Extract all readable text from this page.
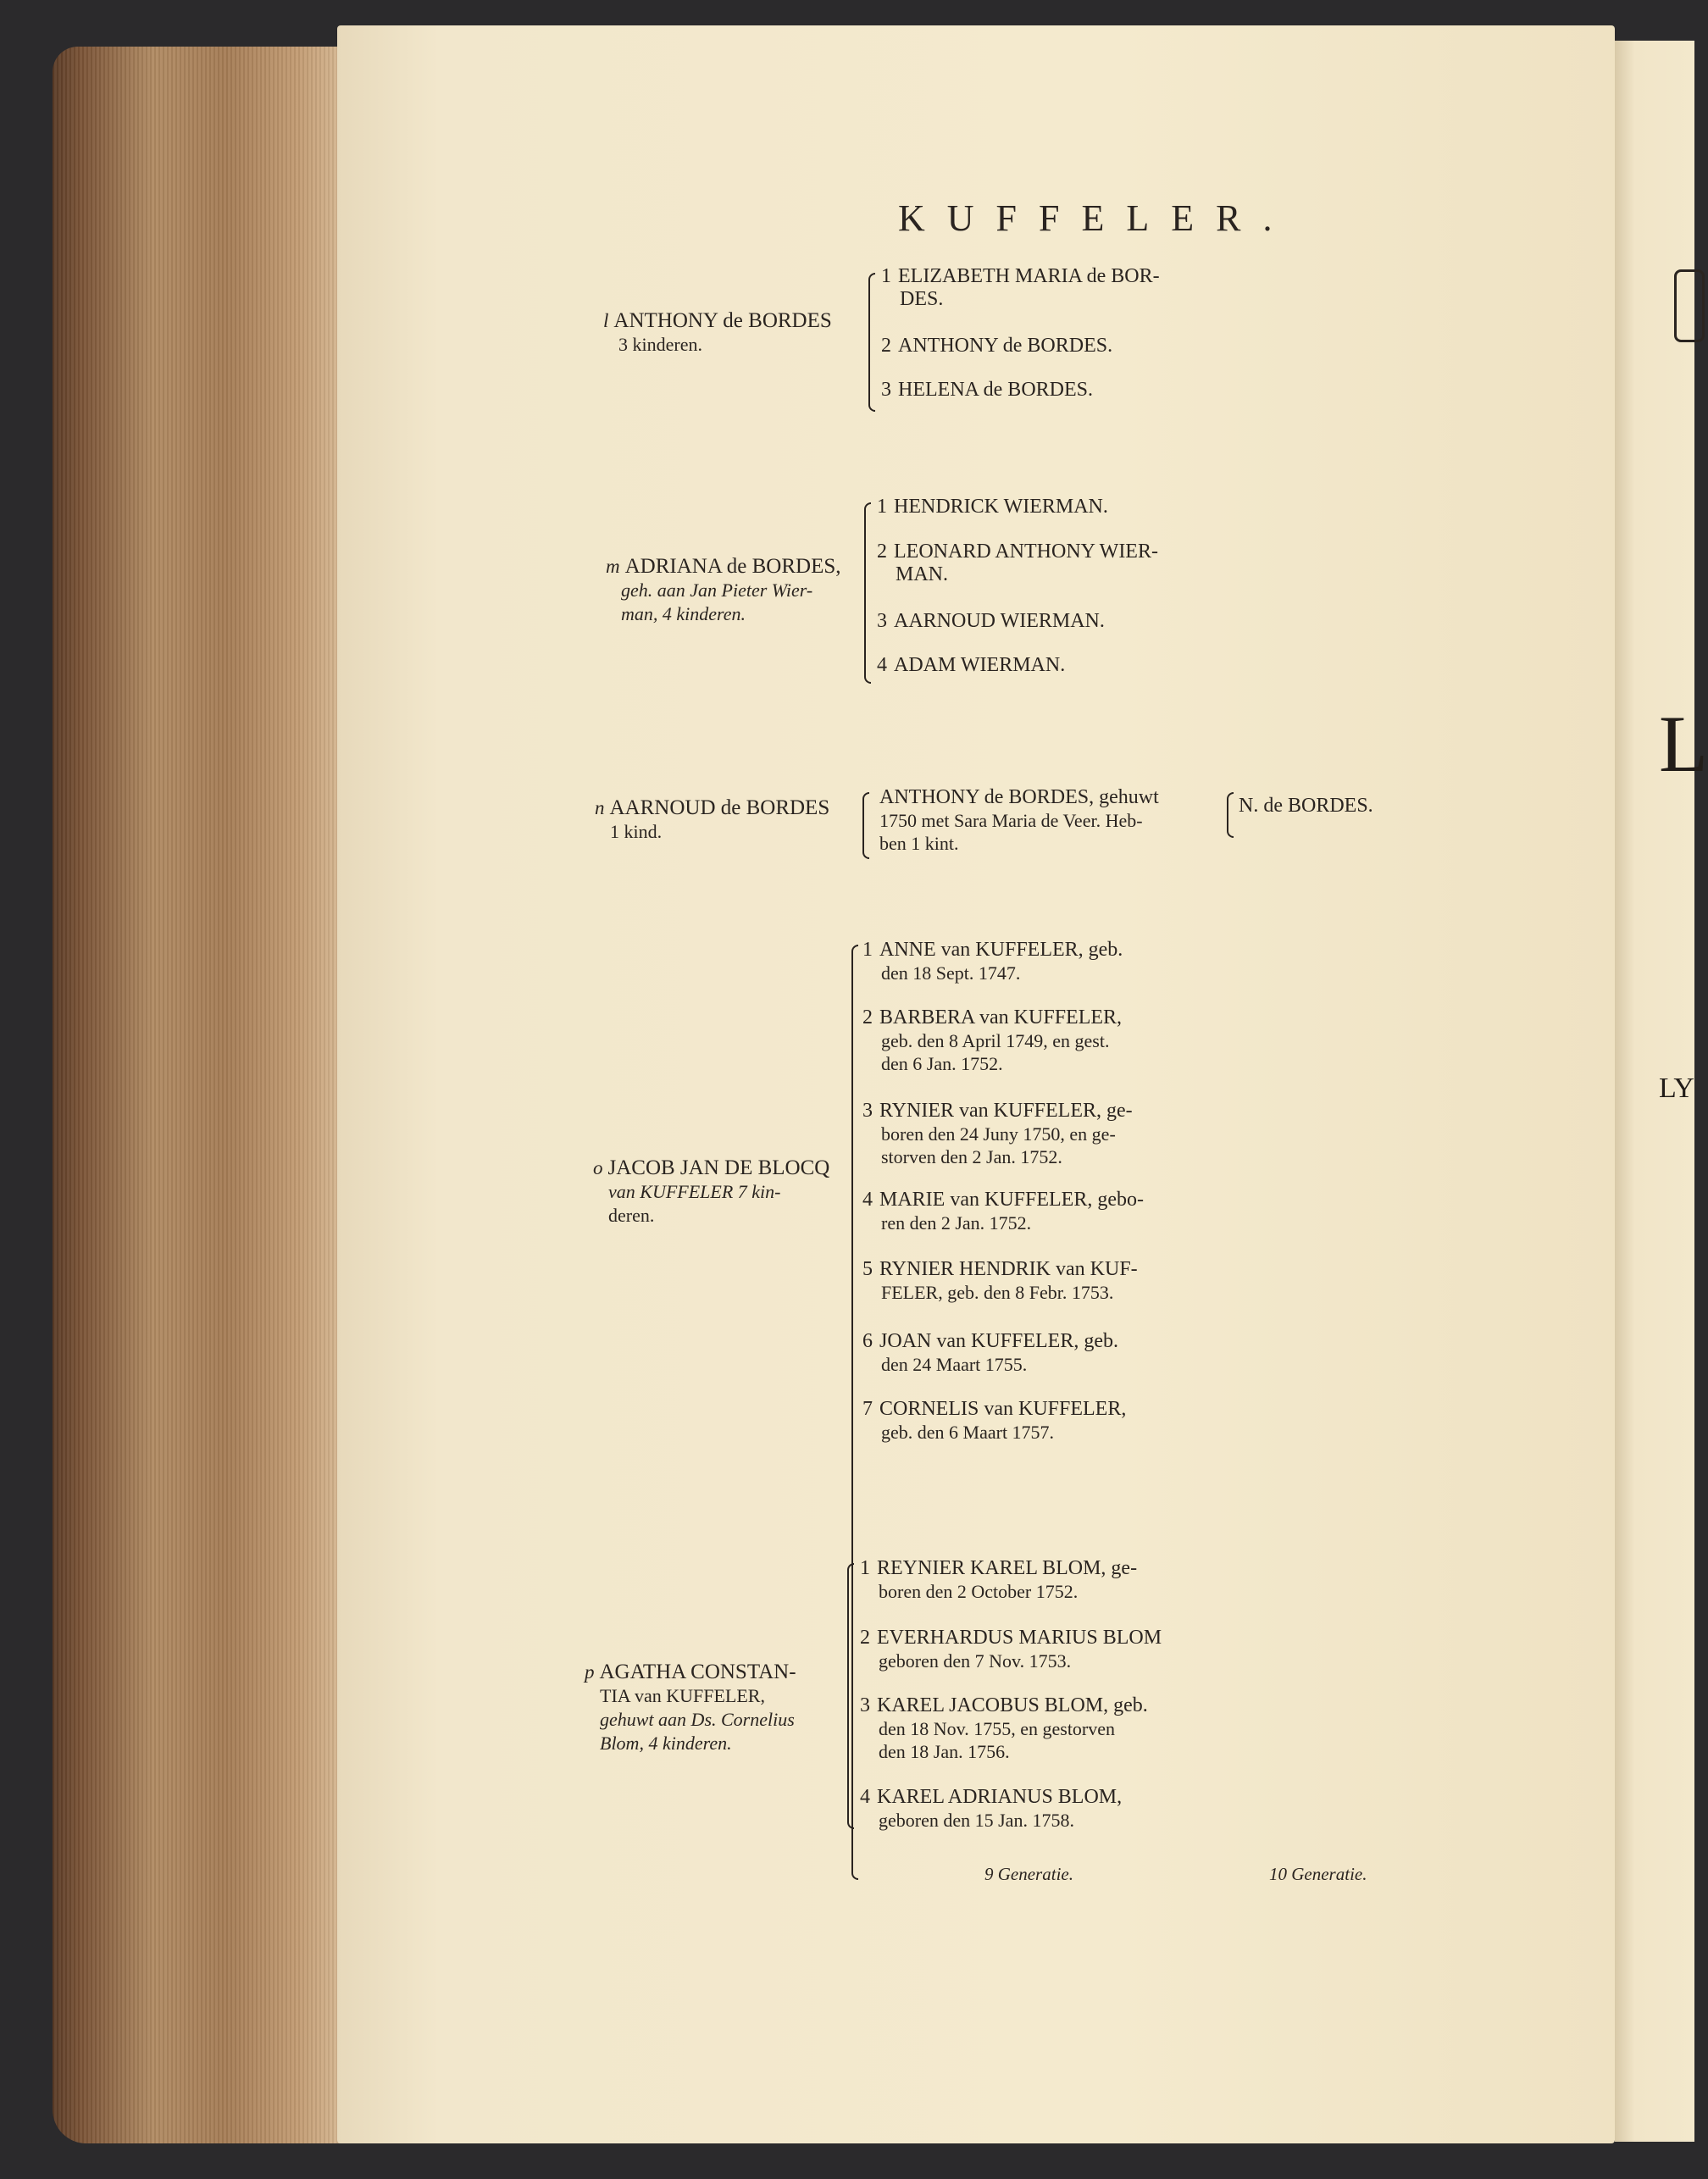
L
LY
KUFFELER.
l ANTHONY de BORDES
3 kinderen.
1 ELIZABETH MARIA de BOR-
DES.
2 ANTHONY de BORDES.
3 HELENA de BORDES.
m ADRIANA de BORDES,
geh. aan Jan Pieter Wier-
man, 4 kinderen.
1 HENDRICK WIERMAN.
2 LEONARD ANTHONY WIER-
MAN.
3 AARNOUD WIERMAN.
4 ADAM WIERMAN.
n AARNOUD de BORDES
1 kind.
ANTHONY de BORDES, gehuwt
1750 met Sara Maria de Veer. Heb-
ben 1 kint.
N. de BORDES.
o JACOB JAN DE BLOCQ
van KUFFELER 7 kin-
deren.
1 ANNE van KUFFELER, geb.
den 18 Sept. 1747.
2 BARBERA van KUFFELER,
geb. den 8 April 1749, en gest.
den 6 Jan. 1752.
3 RYNIER van KUFFELER, ge-
boren den 24 Juny 1750, en ge-
storven den 2 Jan. 1752.
4 MARIE van KUFFELER, gebo-
ren den 2 Jan. 1752.
5 RYNIER HENDRIK van KUF-
FELER, geb. den 8 Febr. 1753.
6 JOAN van KUFFELER, geb.
den 24 Maart 1755.
7 CORNELIS van KUFFELER,
geb. den 6 Maart 1757.
p AGATHA CONSTAN-
TIA van KUFFELER,
gehuwt aan Ds. Cornelius
Blom, 4 kinderen.
1 REYNIER KAREL BLOM, ge-
boren den 2 October 1752.
2 EVERHARDUS MARIUS BLOM
geboren den 7 Nov. 1753.
3 KAREL JACOBUS BLOM, geb.
den 18 Nov. 1755, en gestorven
den 18 Jan. 1756.
4 KAREL ADRIANUS BLOM,
geboren den 15 Jan. 1758.
9 Generatie.	10 Generatie.
